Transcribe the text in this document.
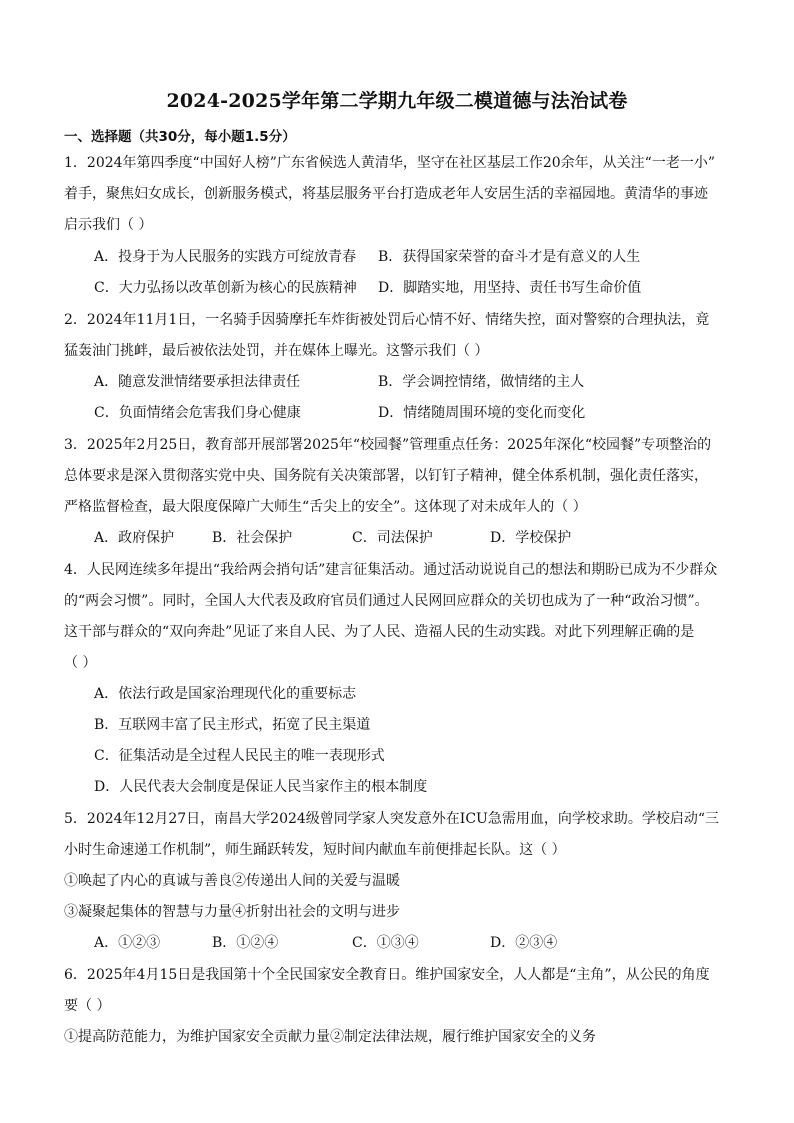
2024-2025学年第二学期九年级二模道德与法治试卷
一、选择题（共30分，每小题1.5分）
1．2024年第四季度“中国好人榜”广东省候选人黄清华，坚守在社区基层工作20余年，从关注“一老一小”
着手，聚焦妇女成长，创新服务模式，将基层服务平台打造成老年人安居生活的幸福园地。黄清华的事迹
启示我们（ ）
A．投身于为人民服务的实践方可绽放青春 B．获得国家荣誉的奋斗才是有意义的人生
C．大力弘扬以改革创新为核心的民族精神 D．脚踏实地，用坚持、责任书写生命价值
2．2024年11月1日，一名骑手因骑摩托车炸街被处罚后心情不好、情绪失控，面对警察的合理执法，竟
猛轰油门挑衅，最后被依法处罚，并在媒体上曝光。这警示我们（ ）
A．随意发泄情绪要承担法律责任	B．学会调控情绪，做情绪的主人
C．负面情绪会危害我们身心健康	D．情绪随周围环境的变化而变化
3．2025年2月25日，教育部开展部署2025年“校园餐”管理重点任务：2025年深化“校园餐”专项整治的
总体要求是深入贯彻落实党中央、国务院有关决策部署，以钉钉子精神，健全体系机制，强化责任落实，
严格监督检查，最大限度保障广大师生“舌尖上的安全”。这体现了对未成年人的（ ）
A．政府保护	B．社会保护	C．司法保护	D．学校保护
4．人民网连续多年提出“我给两会捎句话”建言征集活动。通过活动说说自己的想法和期盼已成为不少群众
的“两会习惯”。同时，全国人大代表及政府官员们通过人民网回应群众的关切也成为了一种“政治习惯”。
这干部与群众的“双向奔赴”见证了来自人民、为了人民、造福人民的生动实践。对此下列理解正确的是
（ ）
A．依法行政是国家治理现代化的重要标志
B．互联网丰富了民主形式，拓宽了民主渠道
C．征集活动是全过程人民民主的唯一表现形式
D．人民代表大会制度是保证人民当家作主的根本制度
5．2024年12月27日，南昌大学2024级曾同学家人突发意外在ICU急需用血，向学校求助。学校启动“三
小时生命速递工作机制”，师生踊跃转发，短时间内献血车前便排起长队。这（ ）
①唤起了内心的真诚与善良②传递出人间的关爱与温暖
③凝聚起集体的智慧与力量④折射出社会的文明与进步
A．①②③	B．①②④	C．①③④	D．②③④
6．2025年4月15日是我国第十个全民国家安全教育日。维护国家安全，人人都是“主角”，从公民的角度
要（ ）
①提高防范能力，为维护国家安全贡献力量②制定法律法规，履行维护国家安全的义务
